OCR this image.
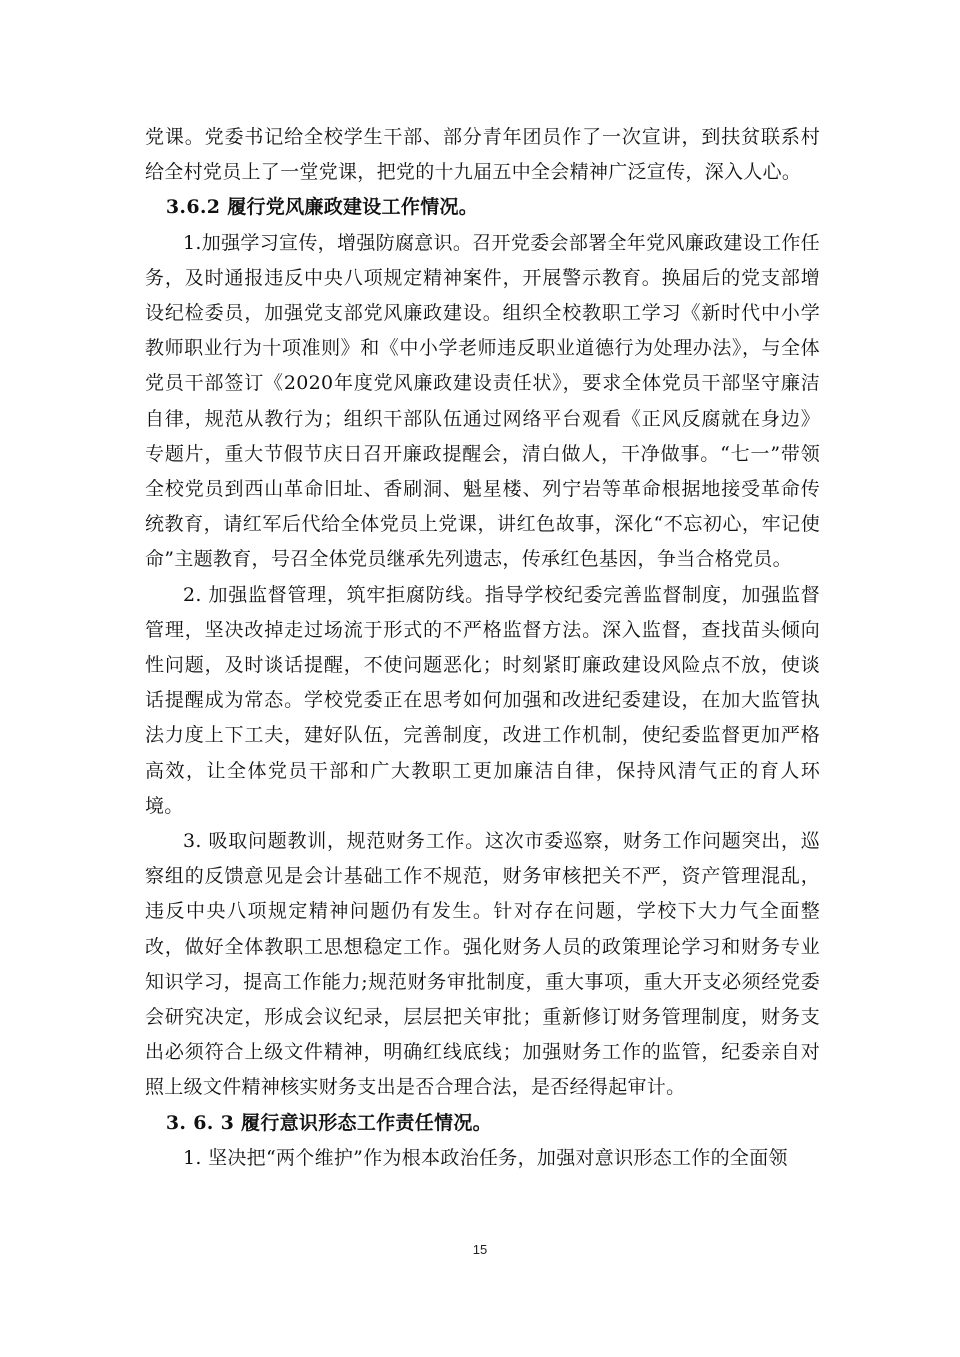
党课。党委书记给全校学生干部、部分青年团员作了一次宣讲，到扶贫联系村给全村党员上了一堂党课，把党的十九届五中全会精神广泛宣传，深入人心。

3.6.2 履行党风廉政建设工作情况。

1.加强学习宣传，增强防腐意识。召开党委会部署全年党风廉政建设工作任务，及时通报违反中央八项规定精神案件，开展警示教育。换届后的党支部增设纪检委员，加强党支部党风廉政建设。组织全校教职工学习《新时代中小学教师职业行为十项准则》和《中小学老师违反职业道德行为处理办法》，与全体党员干部签订《2020年度党风廉政建设责任状》，要求全体党员干部坚守廉洁自律，规范从教行为；组织干部队伍通过网络平台观看《正风反腐就在身边》专题片，重大节假节庆日召开廉政提醒会，清白做人，干净做事。“七一”带领全校党员到西山革命旧址、香刷洞、魁星楼、列宁岩等革命根据地接受革命传统教育，请红军后代给全体党员上党课，讲红色故事，深化“不忘初心，牢记使命”主题教育，号召全体党员继承先列遗志，传承红色基因，争当合格党员。

2. 加强监督管理，筑牢拒腐防线。指导学校纪委完善监督制度，加强监督管理，坚决改掉走过场流于形式的不严格监督方法。深入监督，查找苗头倾向性问题，及时谈话提醒，不使问题恶化；时刻紧盯廉政建设风险点不放，使谈话提醒成为常态。学校党委正在思考如何加强和改进纪委建设，在加大监管执法力度上下工夫，建好队伍，完善制度，改进工作机制，使纪委监督更加严格高效，让全体党员干部和广大教职工更加廉洁自律，保持风清气正的育人环境。

3. 吸取问题教训，规范财务工作。这次市委巡察，财务工作问题突出，巡察组的反馈意见是会计基础工作不规范，财务审核把关不严，资产管理混乱，违反中央八项规定精神问题仍有发生。针对存在问题，学校下大力气全面整改，做好全体教职工思想稳定工作。强化财务人员的政策理论学习和财务专业知识学习，提高工作能力;规范财务审批制度，重大事项，重大开支必须经党委会研究决定，形成会议纪录，层层把关审批；重新修订财务管理制度，财务支出必须符合上级文件精神，明确红线底线；加强财务工作的监管，纪委亲自对照上级文件精神核实财务支出是否合理合法，是否经得起审计。

3. 6. 3 履行意识形态工作责任情况。

1. 坚决把“两个维护”作为根本政治任务，加强对意识形态工作的全面领

15
